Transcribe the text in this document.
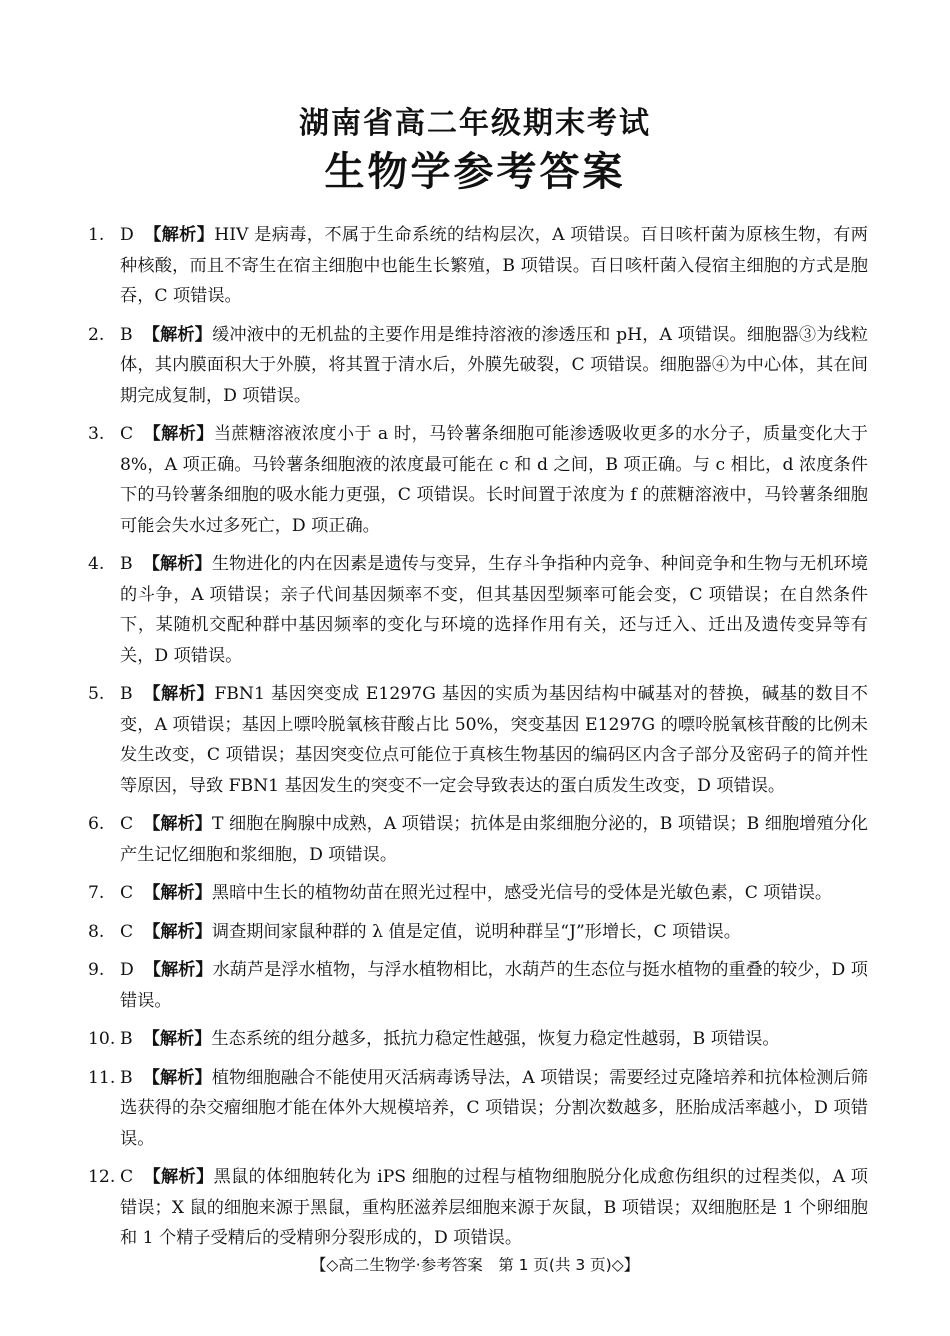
湖南省高二年级期末考试
生物学参考答案
1. D 【解析】HIV 是病毒，不属于生命系统的结构层次，A 项错误。百日咳杆菌为原核生物，有两种核酸，而且不寄生在宿主细胞中也能生长繁殖，B 项错误。百日咳杆菌入侵宿主细胞的方式是胞吞，C 项错误。
2. B 【解析】缓冲液中的无机盐的主要作用是维持溶液的渗透压和 pH，A 项错误。细胞器③为线粒体，其内膜面积大于外膜，将其置于清水后，外膜先破裂，C 项错误。细胞器④为中心体，其在间期完成复制，D 项错误。
3. C 【解析】当蔗糖溶液浓度小于 a 时，马铃薯条细胞可能渗透吸收更多的水分子，质量变化大于 8%，A 项正确。马铃薯条细胞液的浓度最可能在 c 和 d 之间，B 项正确。与 c 相比，d 浓度条件下的马铃薯条细胞的吸水能力更强，C 项错误。长时间置于浓度为 f 的蔗糖溶液中，马铃薯条细胞可能会失水过多死亡，D 项正确。
4. B 【解析】生物进化的内在因素是遗传与变异，生存斗争指种内竞争、种间竞争和生物与无机环境的斗争，A 项错误；亲子代间基因频率不变，但其基因型频率可能会变，C 项错误；在自然条件下，某随机交配种群中基因频率的变化与环境的选择作用有关，还与迁入、迁出及遗传变异等有关，D 项错误。
5. B 【解析】FBN1 基因突变成 E1297G 基因的实质为基因结构中碱基对的替换，碱基的数目不变，A 项错误；基因上嘌呤脱氧核苷酸占比 50%，突变基因 E1297G 的嘌呤脱氧核苷酸的比例未发生改变，C 项错误；基因突变位点可能位于真核生物基因的编码区内含子部分及密码子的简并性等原因，导致 FBN1 基因发生的突变不一定会导致表达的蛋白质发生改变，D 项错误。
6. C 【解析】T 细胞在胸腺中成熟，A 项错误；抗体是由浆细胞分泌的，B 项错误；B 细胞增殖分化产生记忆细胞和浆细胞，D 项错误。
7. C 【解析】黑暗中生长的植物幼苗在照光过程中，感受光信号的受体是光敏色素，C 项错误。
8. C 【解析】调查期间家鼠种群的 λ 值是定值，说明种群呈“J”形增长，C 项错误。
9. D 【解析】水葫芦是浮水植物，与浮水植物相比，水葫芦的生态位与挺水植物的重叠的较少，D 项错误。
10. B 【解析】生态系统的组分越多，抵抗力稳定性越强，恢复力稳定性越弱，B 项错误。
11. B 【解析】植物细胞融合不能使用灭活病毒诱导法，A 项错误；需要经过克隆培养和抗体检测后筛选获得的杂交瘤细胞才能在体外大规模培养，C 项错误；分割次数越多，胚胎成活率越小，D 项错误。
12. C 【解析】黑鼠的体细胞转化为 iPS 细胞的过程与植物细胞脱分化成愈伤组织的过程类似，A 项错误；X 鼠的细胞来源于黑鼠，重构胚滋养层细胞来源于灰鼠，B 项错误；双细胞胚是 1 个卵细胞和 1 个精子受精后的受精卵分裂形成的，D 项错误。
【◇高二生物学·参考答案　第 1 页(共 3 页)◇】
